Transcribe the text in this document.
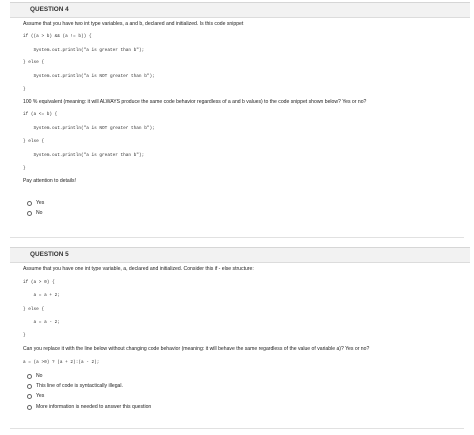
QUESTION 4
Assume that you have two int type variables, a and b, declared and initialized. Is this code snippet
if ((a > b) && (a != b)) {
System.out.println("a is greater than b");
} else {
System.out.println("a is NOT greater than b");
}
100 % equivalent (meaning: it will ALWAYS produce the same code behavior regardless of a and b values) to the code snippet shown below? Yes or no?
if (a <= b) {
System.out.println("a is NOT greater than b");
} else {
System.out.println("a is greater than b");
}
Pay attention to details!
Yes
No
QUESTION 5
Assume that you have one int type variable, a, declared and initialized. Consider this if - else structure:
if (a > 0) {
a = a + 2;
} else {
a = a - 2;
}
Can you replace it with the line below without changing code behavior (meaning: it will behave the same regardless of the value of variable a)? Yes or no?
a = (a >0) ? (a + 2):(a - 2);
No
This line of code is syntactically illegal.
Yes
More information is needed to answer this question
